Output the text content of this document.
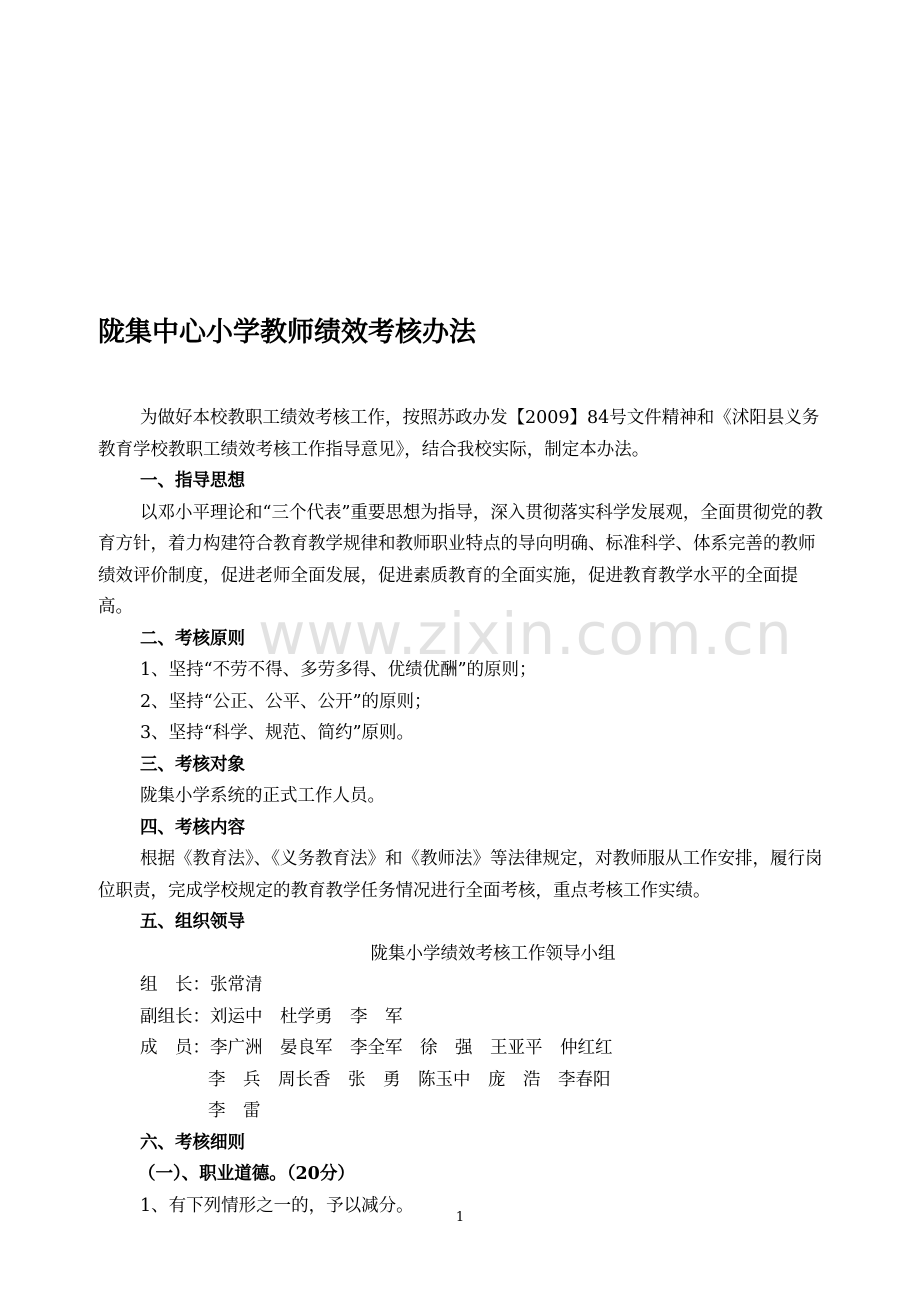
陇集中心小学教师绩效考核办法

为做好本校教职工绩效考核工作，按照苏政办发【2009】84号文件精神和《沭阳县义务教育学校教职工绩效考核工作指导意见》，结合我校实际，制定本办法。

一、指导思想

以邓小平理论和“三个代表”重要思想为指导，深入贯彻落实科学发展观，全面贯彻党的教育方针，着力构建符合教育教学规律和教师职业特点的导向明确、标准科学、体系完善的教师绩效评价制度，促进老师全面发展，促进素质教育的全面实施，促进教育教学水平的全面提高。

二、考核原则

1、坚持“不劳不得、多劳多得、优绩优酬”的原则；

2、坚持“公正、公平、公开”的原则；

3、坚持“科学、规范、简约”原则。

三、考核对象

陇集小学系统的正式工作人员。

四、考核内容

根据《教育法》、《义务教育法》和《教师法》等法律规定，对教师服从工作安排，履行岗位职责，完成学校规定的教育教学任务情况进行全面考核，重点考核工作实绩。

五、组织领导

陇集小学绩效考核工作领导小组

组　长：张常清

副组长：刘运中　杜学勇　李　军

成　员：李广洲　晏良军　李全军　徐　强　王亚平　仲红红

李　兵　周长香　张　勇　陈玉中　庞　浩　李春阳

李　雷

六、考核细则

（一）、职业道德。（20分）

1、有下列情形之一的，予以减分。

www.zixin.com.cn
1
